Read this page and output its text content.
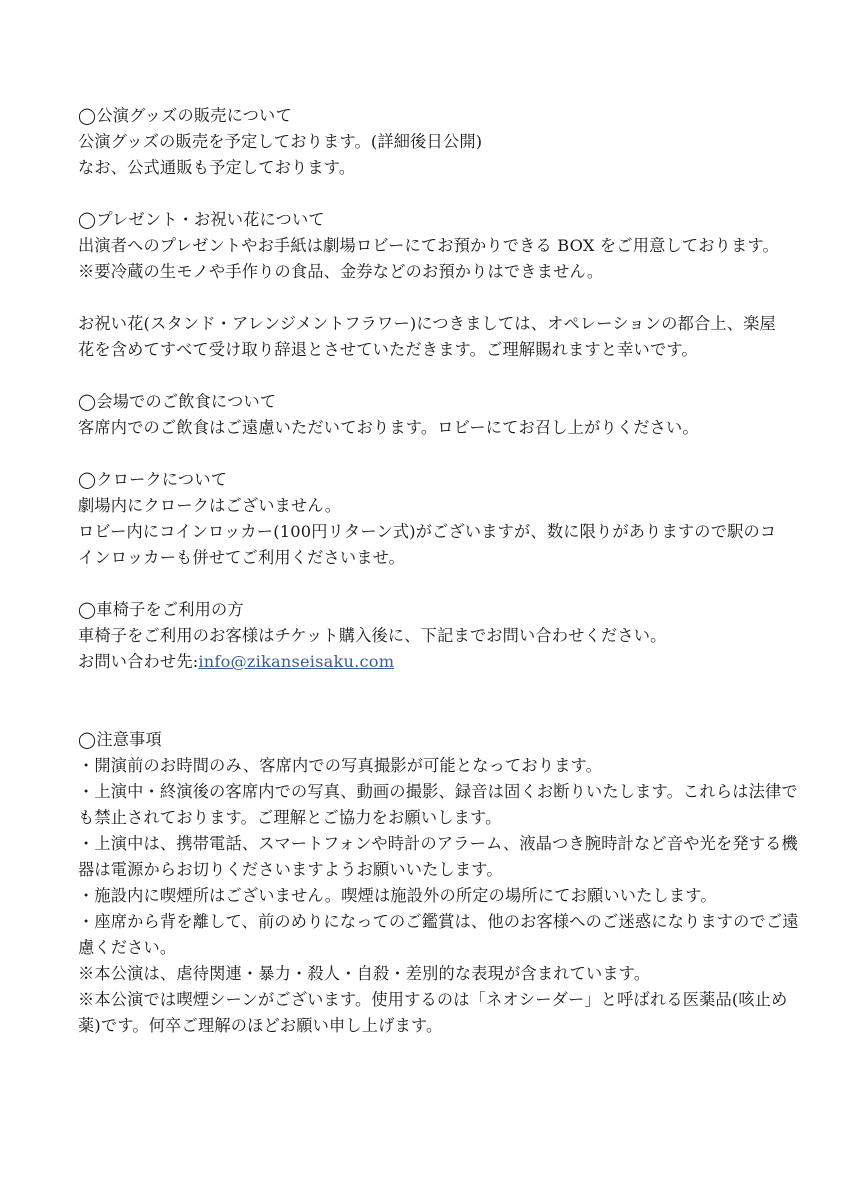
◯公演グッズの販売について
公演グッズの販売を予定しております。(詳細後日公開)
なお、公式通販も予定しております。
◯プレゼント・お祝い花について
出演者へのプレゼントやお手紙は劇場ロビーにてお預かりできる BOX をご用意しております。
※要冷蔵の生モノや手作りの食品、金券などのお預かりはできません。
お祝い花(スタンド・アレンジメントフラワー)につきましては、オペレーションの都合上、楽屋
花を含めてすべて受け取り辞退とさせていただきます。ご理解賜れますと幸いです。
◯会場でのご飲食について
客席内でのご飲食はご遠慮いただいております。ロビーにてお召し上がりください。
◯クロークについて
劇場内にクロークはございません。
ロビー内にコインロッカー(100円リターン式)がございますが、数に限りがありますので駅のコ
インロッカーも併せてご利用くださいませ。
◯車椅子をご利用の方
車椅子をご利用のお客様はチケット購入後に、下記までお問い合わせください。
お問い合わせ先:info@zikanseisaku.com
◯注意事項
・開演前のお時間のみ、客席内での写真撮影が可能となっております。
・上演中・終演後の客席内での写真、動画の撮影、録音は固くお断りいたします。これらは法律で
も禁止されております。ご理解とご協力をお願いします。
・上演中は、携帯電話、スマートフォンや時計のアラーム、液晶つき腕時計など音や光を発する機
器は電源からお切りくださいますようお願いいたします。
・施設内に喫煙所はございません。喫煙は施設外の所定の場所にてお願いいたします。
・座席から背を離して、前のめりになってのご鑑賞は、他のお客様へのご迷惑になりますのでご遠
慮ください。
※本公演は、虐待関連・暴力・殺人・自殺・差別的な表現が含まれています。
※本公演では喫煙シーンがございます。使用するのは「ネオシーダー」と呼ばれる医薬品(咳止め
薬)です。何卒ご理解のほどお願い申し上げます。
